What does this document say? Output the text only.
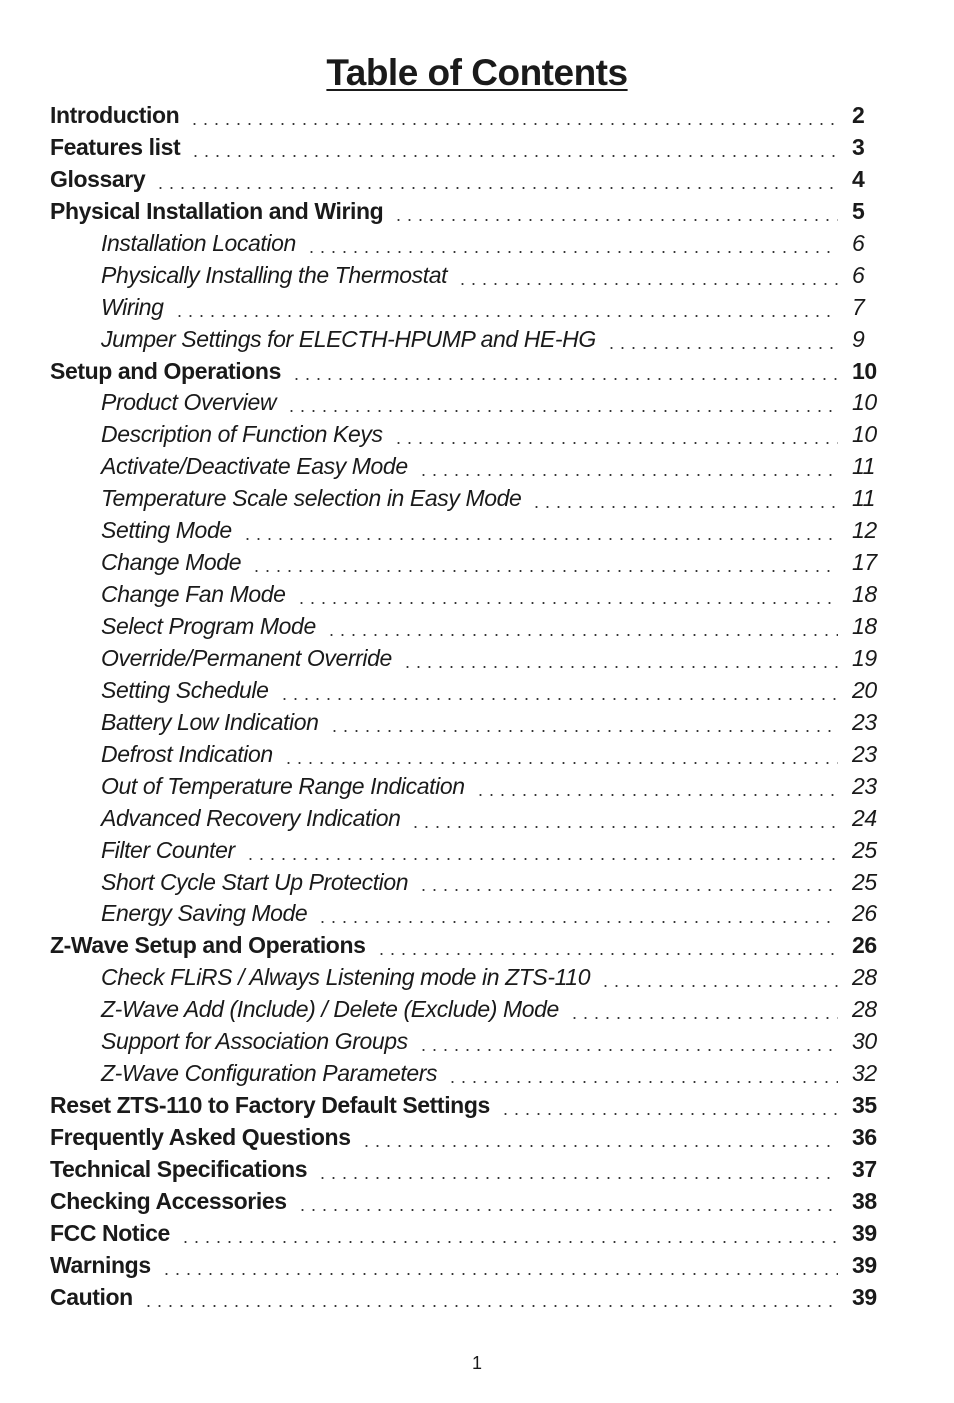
Table of Contents
Introduction	2
Features list	3
Glossary	4
Physical Installation and Wiring	5
Installation Location	6
Physically Installing the Thermostat	6
Wiring	7
Jumper Settings for ELECTH-HPUMP and HE-HG	9
Setup and Operations	10
Product Overview	10
Description of Function Keys	10
Activate/Deactivate Easy Mode	11
Temperature Scale selection in Easy Mode	11
Setting Mode	12
Change Mode	17
Change Fan Mode	18
Select Program Mode	18
Override/Permanent Override	19
Setting Schedule	20
Battery Low Indication	23
Defrost Indication	23
Out of Temperature Range Indication	23
Advanced Recovery Indication	24
Filter Counter	25
Short Cycle Start Up Protection	25
Energy Saving Mode	26
Z-Wave Setup and Operations	26
Check FLiRS / Always Listening mode in ZTS-110	28
Z-Wave Add (Include) / Delete (Exclude) Mode	28
Support for Association Groups	30
Z-Wave Configuration Parameters	32
Reset ZTS-110 to Factory Default Settings	35
Frequently Asked Questions	36
Technical Specifications	37
Checking Accessories	38
FCC Notice	39
Warnings	39
Caution	39
1
